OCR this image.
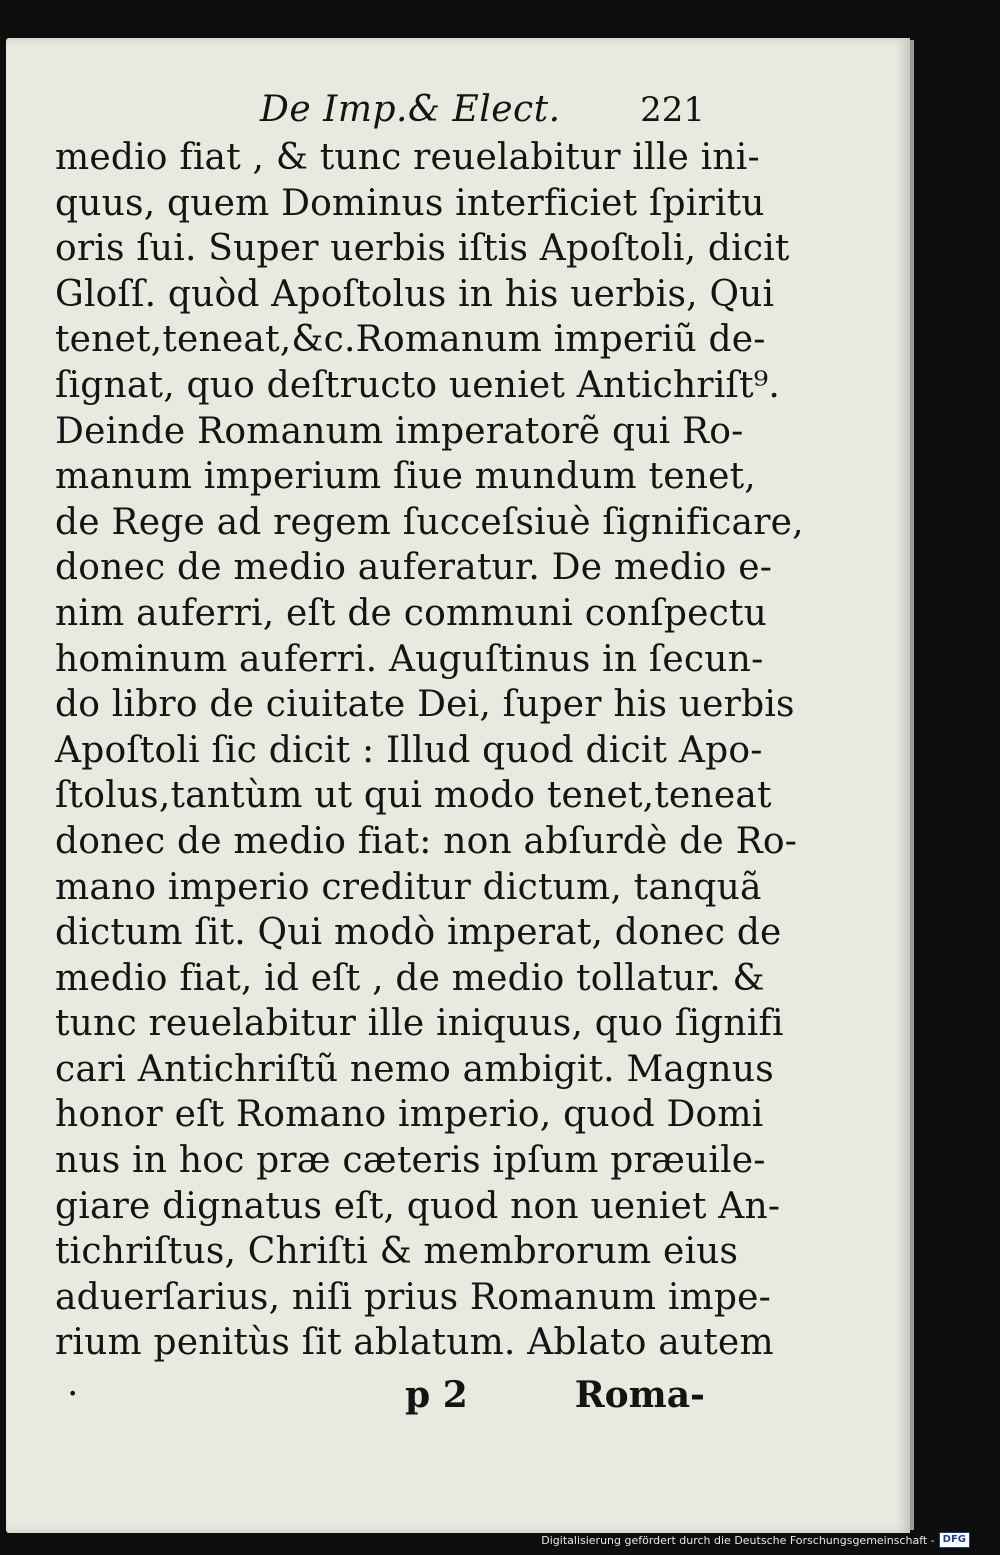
De Imp.& Elect. 221
medio fiat , & tunc reuelabitur ille ini-
quus, quem Dominus interficiet ſpiritu
oris ſui. Super uerbis iſtis Apoſtoli, dicit
Gloſſ. quòd Apoſtolus in his uerbis, Qui
tenet,teneat,&c.Romanum imperiũ de-
ſignat, quo deſtructo ueniet Antichriſt⁹.
Deinde Romanum imperatorẽ qui Ro-
manum imperium ſiue mundum tenet,
de Rege ad regem ſucceſsiuè ſignificare,
donec de medio auferatur. De medio e-
nim auferri, eſt de communi conſpectu
hominum auferri. Auguſtinus in ſecun-
do libro de ciuitate Dei, ſuper his uerbis
Apoſtoli ſic dicit : Illud quod dicit Apo-
ſtolus,tantùm ut qui modo tenet,teneat
donec de medio fiat: non abſurdè de Ro-
mano imperio creditur dictum, tanquã
dictum ſit. Qui modò imperat, donec de
medio fiat, id eſt , de medio tollatur. &
tunc reuelabitur ille iniquus, quo ſignifi
cari Antichriſtũ nemo ambigit. Magnus
honor eſt Romano imperio, quod Domi
nus in hoc præ cæteris ipſum præuile-
giare dignatus eſt, quod non ueniet An-
tichriſtus, Chriſti & membrorum eius
aduerſarius, niſi prius Romanum impe-
rium penitùs ſit ablatum. Ablato autem
·	p 2	Roma-
Digitalisierung gefördert durch die Deutsche Forschungsgemeinschaft - DFG
